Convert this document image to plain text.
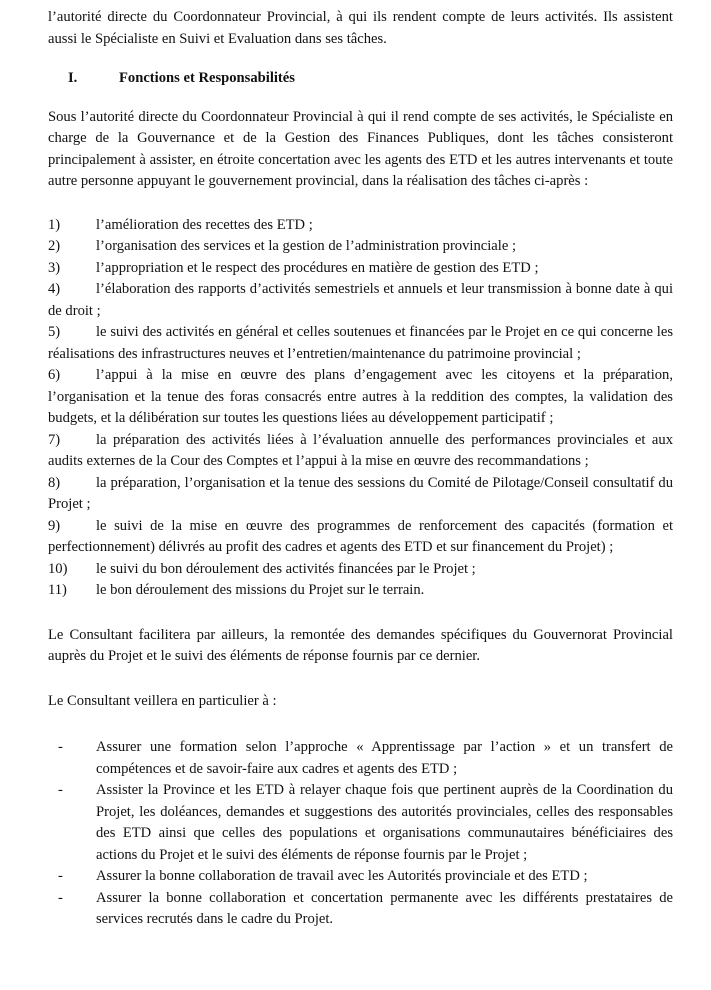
l’autorité directe du Coordonnateur Provincial, à qui ils rendent compte de leurs activités. Ils assistent aussi le Spécialiste en Suivi et Evaluation dans ses tâches.

I.	Fonctions et Responsabilités

Sous l’autorité directe du Coordonnateur Provincial à qui il rend compte de ses activités, le Spécialiste en charge de la Gouvernance et de la Gestion des Finances Publiques, dont les tâches consisteront principalement à assister, en étroite concertation avec les agents des ETD et les autres intervenants et toute autre personne appuyant le gouvernement provincial, dans la réalisation des tâches ci-après :

1) l’amélioration des recettes des ETD ;
2) l’organisation des services et la gestion de l’administration provinciale ;
3) l’appropriation et le respect des procédures en matière de gestion des ETD ;
4) l’élaboration des rapports d’activités semestriels et annuels et leur transmission à bonne date à qui de droit ;
5) le suivi des activités en général et celles soutenues et financées par le Projet en ce qui concerne les réalisations des infrastructures neuves et l’entretien/maintenance du patrimoine provincial ;
6) l’appui à la mise en œuvre des plans d’engagement avec les citoyens et la préparation, l’organisation et la tenue des foras consacrés entre autres à la reddition des comptes, la validation des budgets, et la délibération sur toutes les questions liées au développement participatif ;
7) la préparation des activités liées à l’évaluation annuelle des performances provinciales et aux audits externes de la Cour des Comptes et l’appui à la mise en œuvre des recommandations ;
8) la préparation, l’organisation et la tenue des sessions du Comité de Pilotage/Conseil consultatif du Projet ;
9) le suivi de la mise en œuvre des programmes de renforcement des capacités (formation et perfectionnement) délivrés au profit des cadres et agents des ETD et sur financement du Projet) ;
10) le suivi du bon déroulement des activités financées par le Projet ;
11) le bon déroulement des missions du Projet sur le terrain.

Le Consultant facilitera par ailleurs, la remontée des demandes spécifiques du Gouvernorat Provincial auprès du Projet et le suivi des éléments de réponse fournis par ce dernier.

Le Consultant veillera en particulier à :

-	Assurer une formation selon l’approche « Apprentissage par l’action » et un transfert de compétences et de savoir-faire aux cadres et agents des ETD ;
-	Assister la Province et les ETD à relayer chaque fois que pertinent auprès de la Coordination du Projet, les doléances, demandes et suggestions des autorités provinciales, celles des responsables des ETD ainsi que celles des populations et organisations communautaires bénéficiaires des actions du Projet et le suivi des éléments de réponse fournis par le Projet ;
-	Assurer la bonne collaboration de travail avec les Autorités provinciale et des ETD ;
-	Assurer la bonne collaboration et concertation permanente avec les différents prestataires de services recrutés dans le cadre du Projet.
